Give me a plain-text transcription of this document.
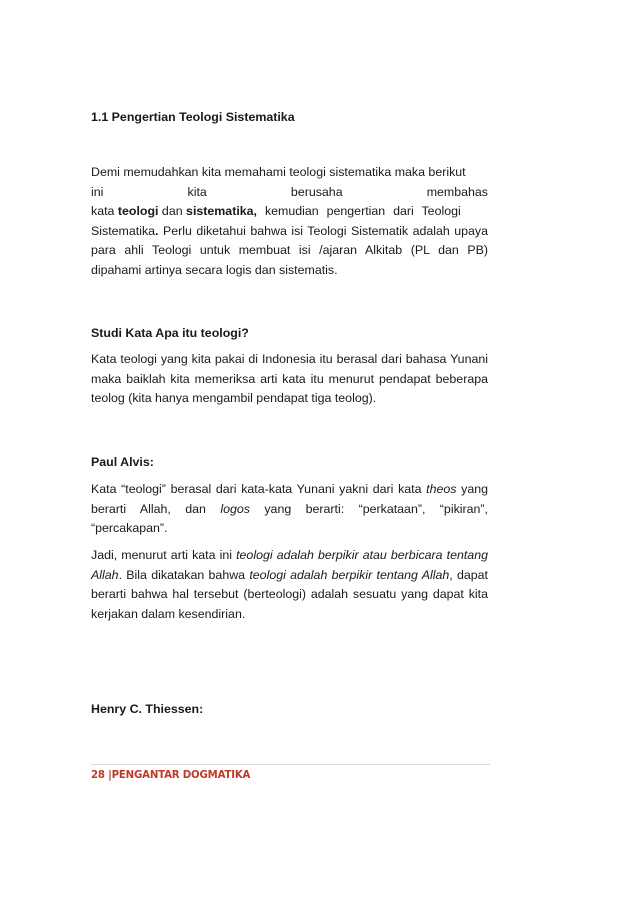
1.1 Pengertian Teologi Sistematika
Demi memudahkan kita memahami teologi sistematika maka berikut
ini	kita	berusaha	membahas
kata teologi dan sistematika, kemudian pengertian dari Teologi

Sistematika. Perlu diketahui bahwa isi Teologi Sistematik adalah upaya para ahli Teologi untuk membuat isi /ajaran Alkitab (PL dan PB) dipahami artinya secara logis dan sistematis.

Studi Kata Apa itu teologi?
Kata teologi yang kita pakai di Indonesia itu berasal dari bahasa Yunani maka baiklah kita memeriksa arti kata itu menurut pendapat beberapa teolog (kita hanya mengambil pendapat tiga teolog).
Paul Alvis:

Kata “teologi” berasal dari kata-kata Yunani yakni dari kata theos yang berarti Allah, dan logos yang berarti: “perkataan”, “pikiran”, “percakapan”.

Jadi, menurut arti kata ini teologi adalah berpikir atau berbicara tentang Allah. Bila dikatakan bahwa teologi adalah berpikir tentang Allah, dapat berarti bahwa hal tersebut (berteologi) adalah sesuatu yang dapat kita kerjakan dalam kesendirian.

Henry C. Thiessen:
28 |PENGANTAR DOGMATIKA
